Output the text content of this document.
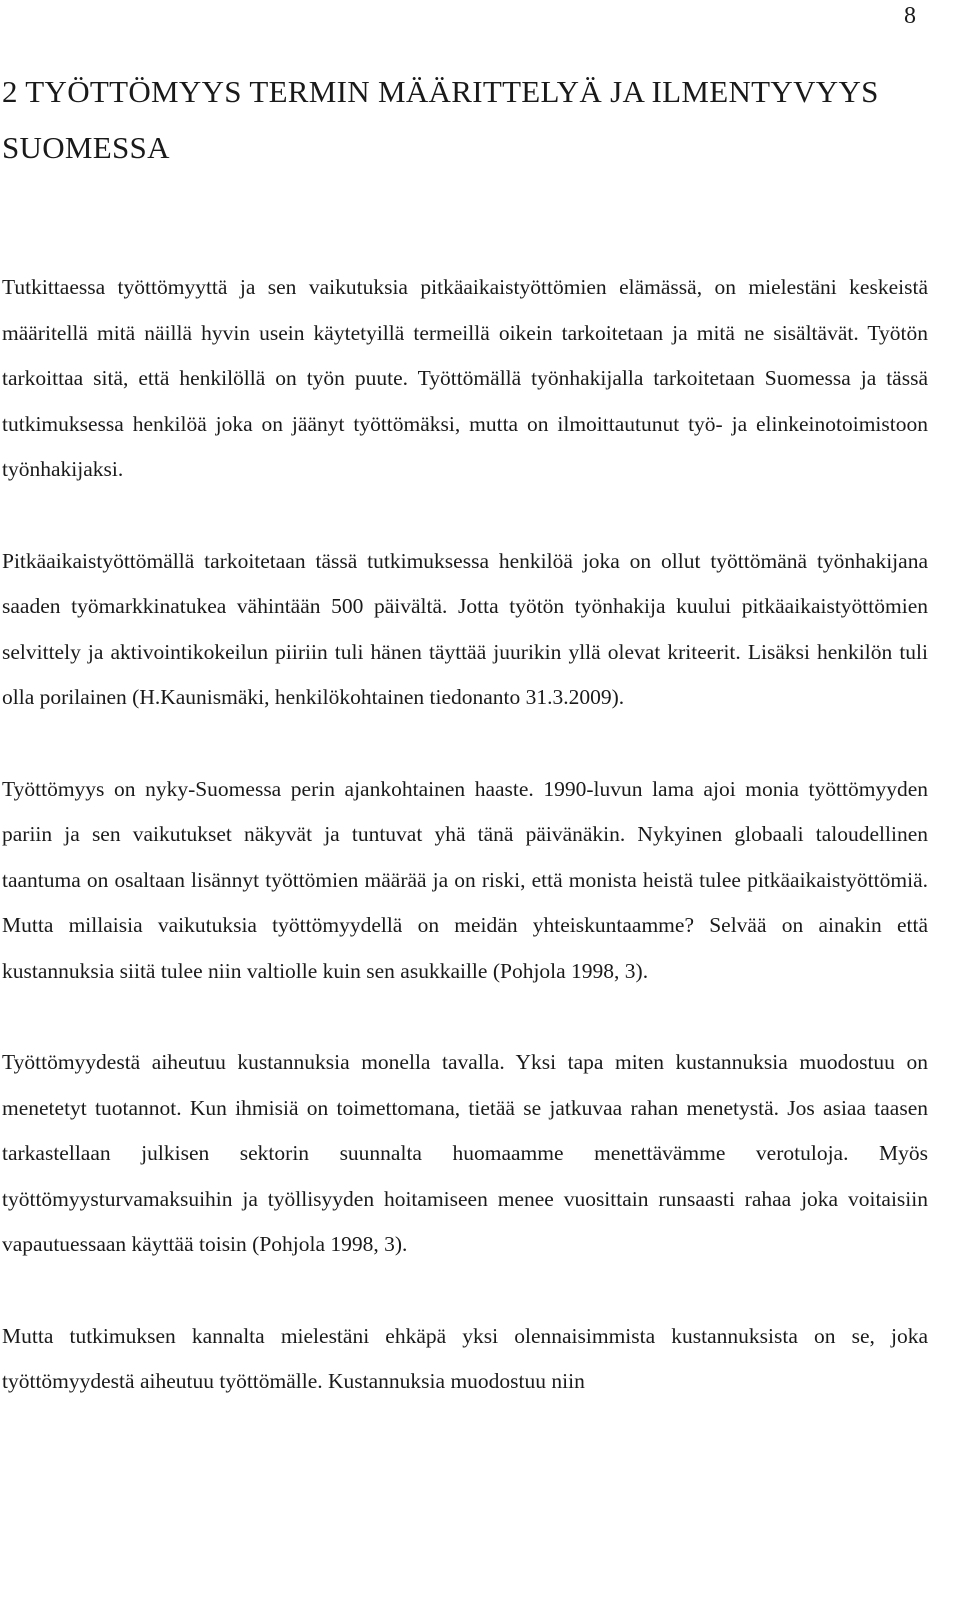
8
2 TYÖTTÖMYYS TERMIN MÄÄRITTELYÄ JA ILMENTYVYYS SUOMESSA

Tutkittaessa työttömyyttä ja sen vaikutuksia pitkäaikaistyöttömien elämässä, on mielestäni keskeistä määritellä mitä näillä hyvin usein käytetyillä termeillä oikein tarkoitetaan ja mitä ne sisältävät. Työtön tarkoittaa sitä, että henkilöllä on työn puute. Työttömällä työnhakijalla tarkoitetaan Suomessa ja tässä tutkimuksessa henkilöä joka on jäänyt työttömäksi, mutta on ilmoittautunut työ- ja elinkeinotoimistoon työnhakijaksi.

Pitkäaikaistyöttömällä tarkoitetaan tässä tutkimuksessa henkilöä joka on ollut työttömänä työnhakijana saaden työmarkkinatukea vähintään 500 päivältä. Jotta työtön työnhakija kuului pitkäaikaistyöttömien selvittely ja aktivointikokeilun piiriin tuli hänen täyttää juurikin yllä olevat kriteerit. Lisäksi henkilön tuli olla porilainen (H.Kaunismäki, henkilökohtainen tiedonanto 31.3.2009).

Työttömyys on nyky-Suomessa perin ajankohtainen haaste. 1990-luvun lama ajoi monia työttömyyden pariin ja sen vaikutukset näkyvät ja tuntuvat yhä tänä päivänäkin. Nykyinen globaali taloudellinen taantuma on osaltaan lisännyt työttömien määrää ja on riski, että monista heistä tulee pitkäaikaistyöttömiä. Mutta millaisia vaikutuksia työttömyydellä on meidän yhteiskuntaamme? Selvää on ainakin että kustannuksia siitä tulee niin valtiolle kuin sen asukkaille (Pohjola 1998, 3).

Työttömyydestä aiheutuu kustannuksia monella tavalla. Yksi tapa miten kustannuksia muodostuu on menetetyt tuotannot. Kun ihmisiä on toimettomana, tietää se jatkuvaa rahan menetystä. Jos asiaa taasen tarkastellaan julkisen sektorin suunnalta huomaamme menettävämme verotuloja. Myös työttömyysturvamaksuihin ja työllisyyden hoitamiseen menee vuosittain runsaasti rahaa joka voitaisiin vapautuessaan käyttää toisin (Pohjola 1998, 3).

Mutta tutkimuksen kannalta mielestäni ehkäpä yksi olennaisimmista kustannuksista on se, joka työttömyydestä aiheutuu työttömälle. Kustannuksia muodostuu niin
